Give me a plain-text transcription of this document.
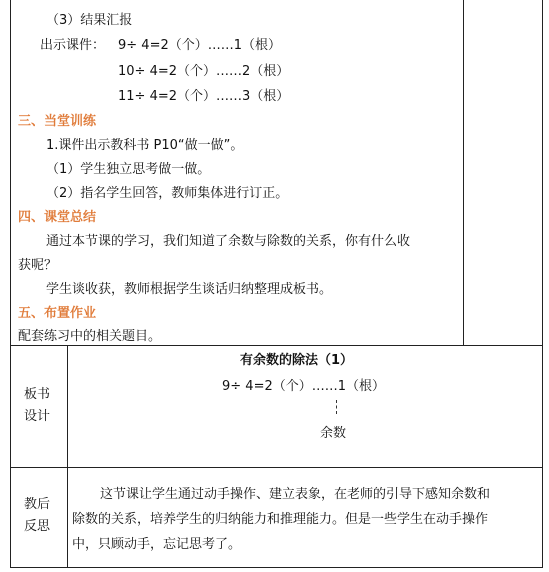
（3）结果汇报
出示课件： 9÷ 4=2（个）……1（根）
10÷ 4=2（个）……2（根）
11÷ 4=2（个）……3（根）
三、当堂训练
1.课件出示教科书 P10“做一做”。
（1）学生独立思考做一做。
（2）指名学生回答，教师集体进行订正。
四、课堂总结
通过本节课的学习，我们知道了余数与除数的关系，你有什么收
获呢？
学生谈收获，教师根据学生谈话归纳整理成板书。
五、布置作业
配套练习中的相关题目。
板书
设计
有余数的除法（1）
9÷ 4=2（个）……1（根）
余数
教后
反思
这节课让学生通过动手操作、建立表象，在老师的引导下感知余数和
除数的关系，培养学生的归纳能力和推理能力。但是一些学生在动手操作
中，只顾动手，忘记思考了。
